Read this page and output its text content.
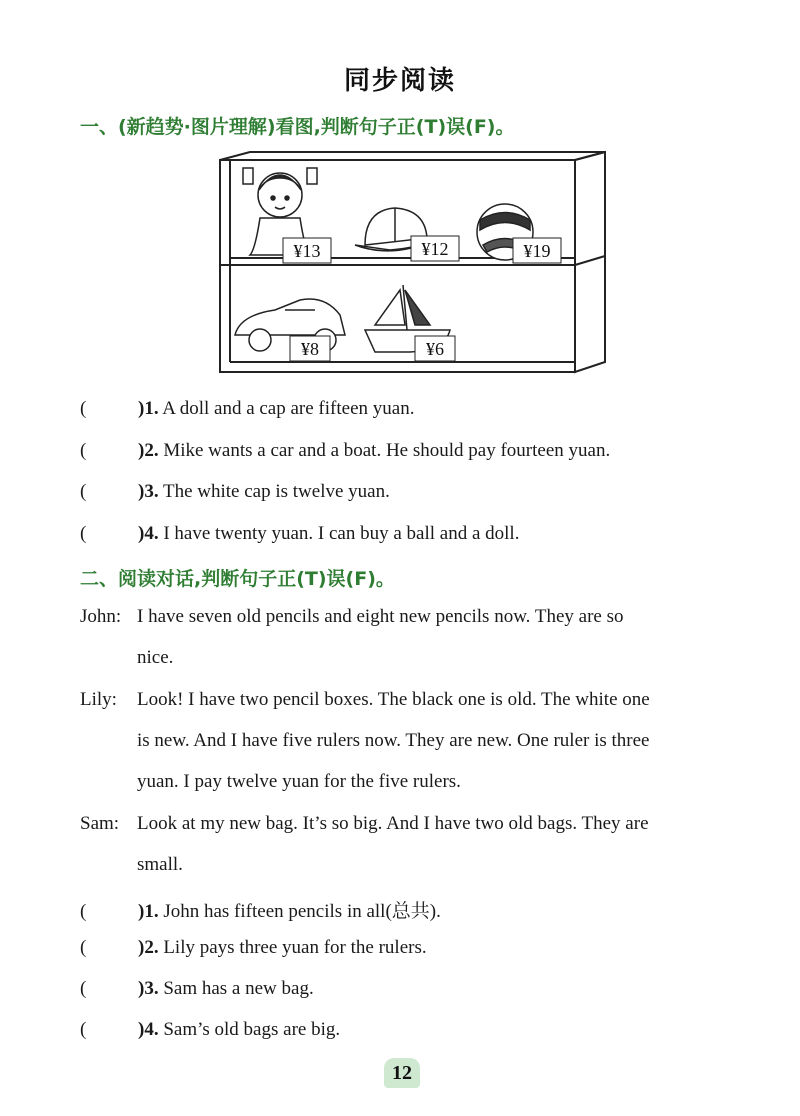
同步阅读
一、(新趋势·图片理解)看图,判断句子正(T)误(F)。
¥13	¥12	¥19
¥8	¥6
(	)1. A doll and a cap are fifteen yuan.
(	)2. Mike wants a car and a boat. He should pay fourteen yuan.
(	)3. The white cap is twelve yuan.
(	)4. I have twenty yuan. I can buy a ball and a doll.
二、阅读对话,判断句子正(T)误(F)。
John: I have seven old pencils and eight new pencils now. They are so
nice.
Lily: Look! I have two pencil boxes. The black one is old. The white one
is new. And I have five rulers now. They are new. One ruler is three
yuan. I pay twelve yuan for the five rulers.
Sam: Look at my new bag. It’s so big. And I have two old bags. They are
small.
(	)1. John has fifteen pencils in all(总共).
(	)2. Lily pays three yuan for the rulers.
(	)3. Sam has a new bag.
(	)4. Sam’s old bags are big.
12
